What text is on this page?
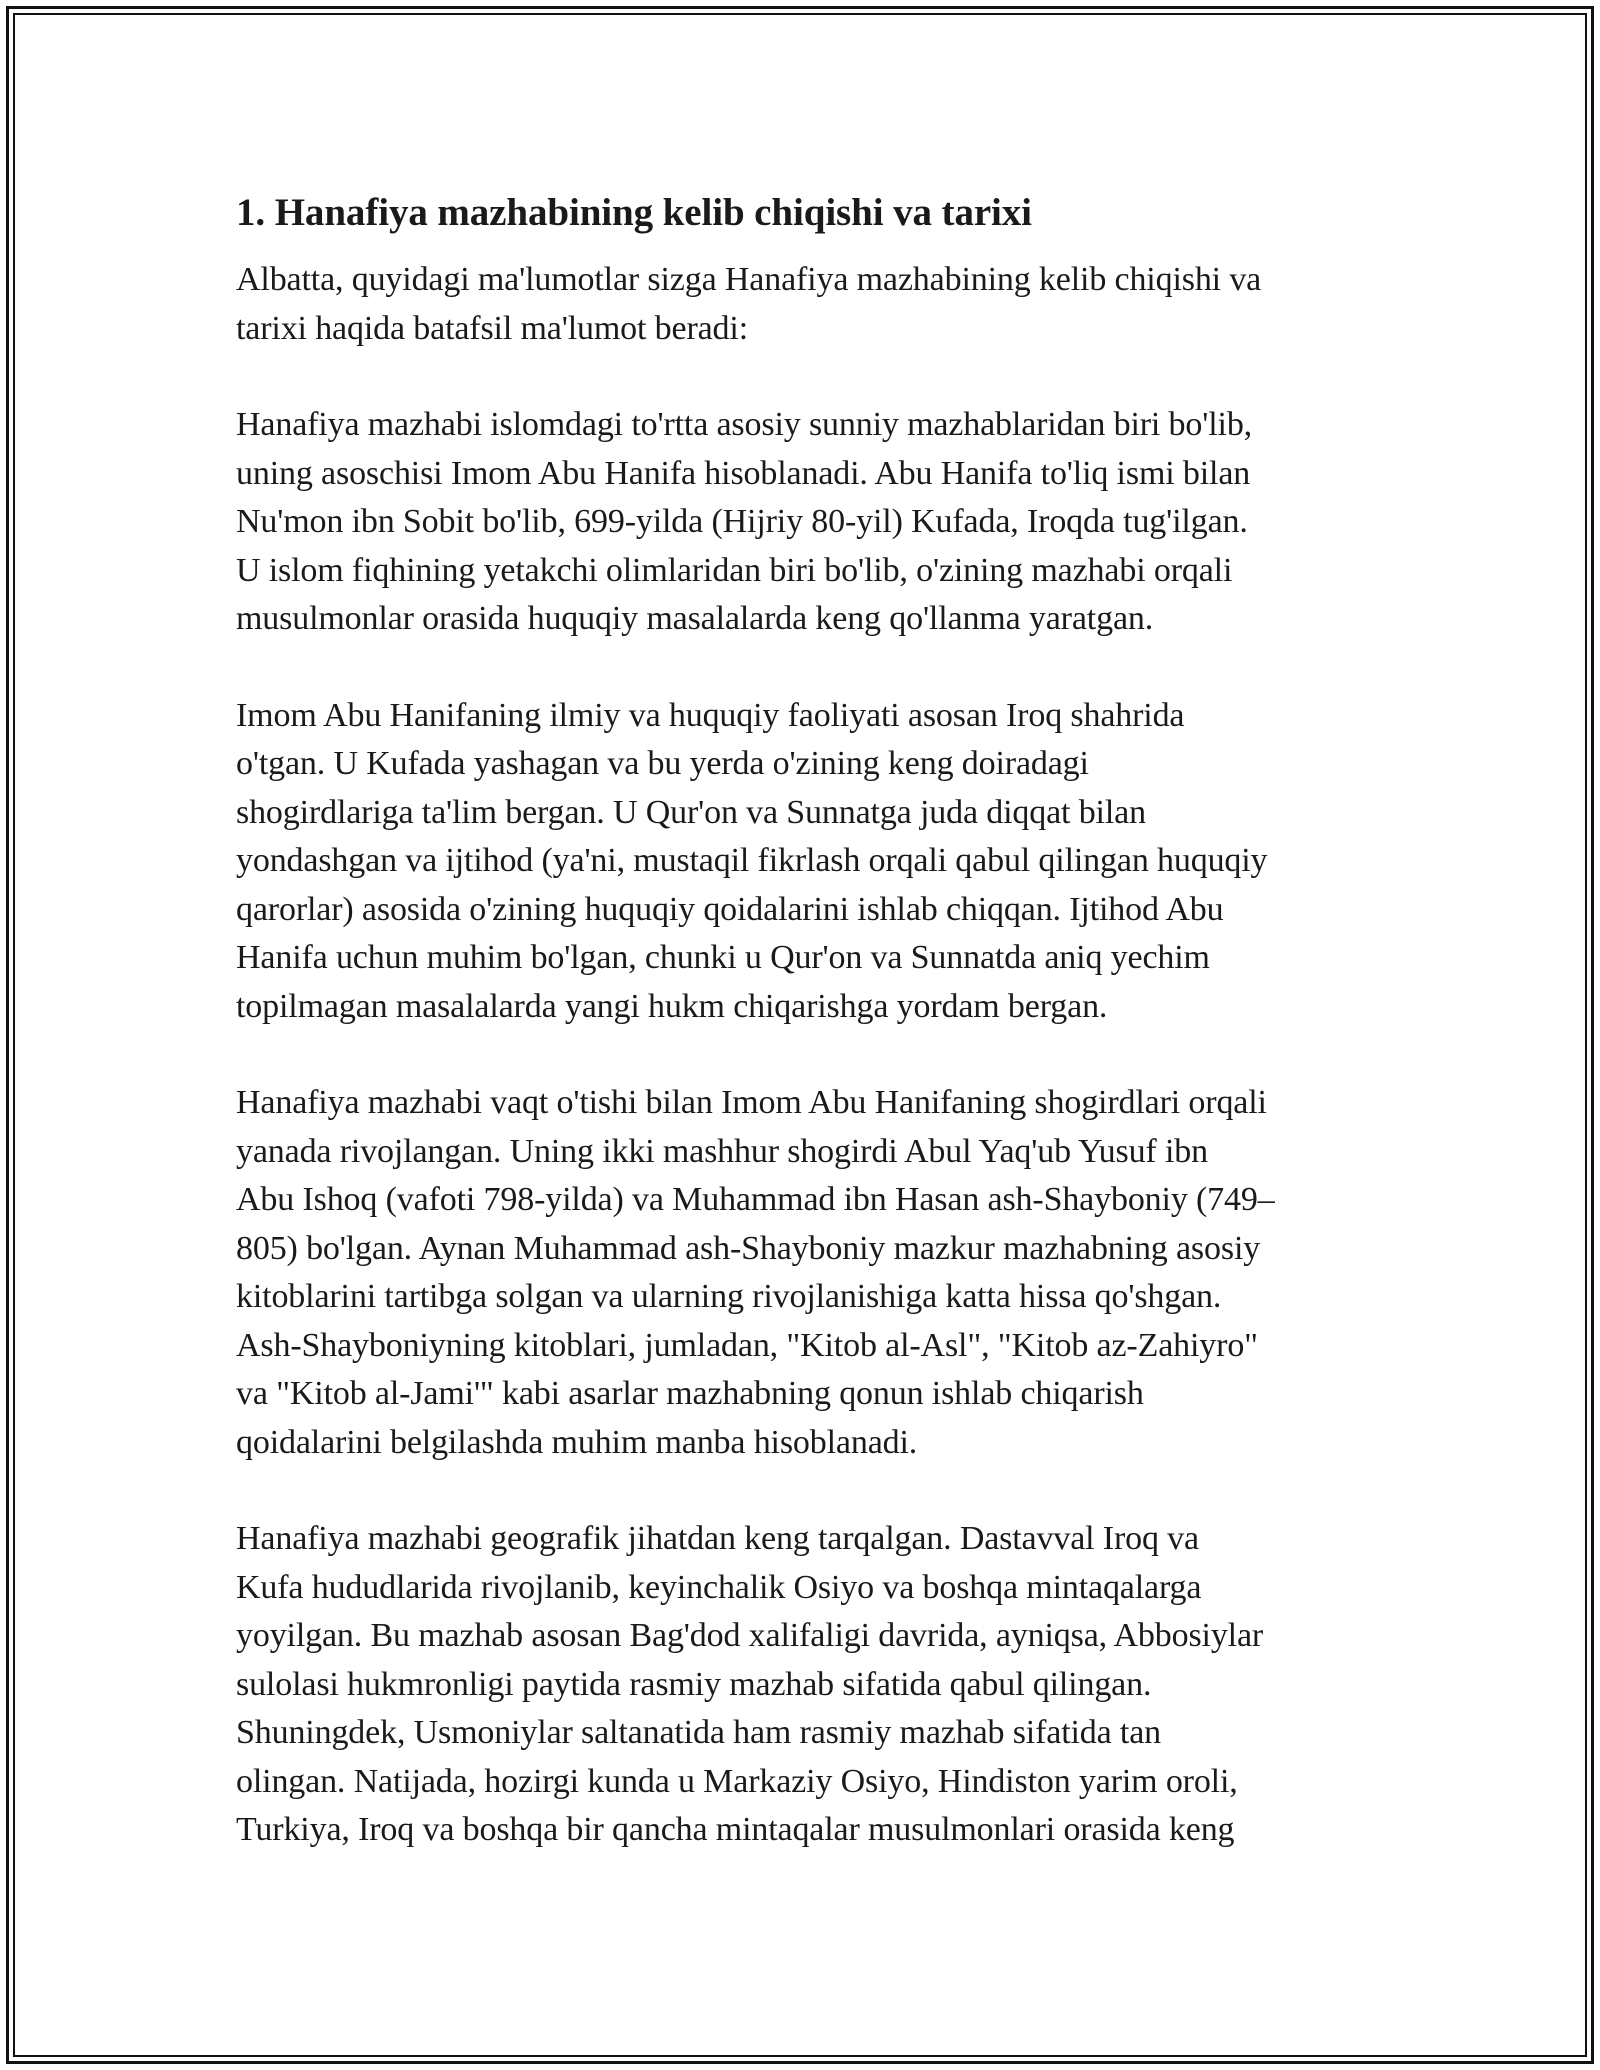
1. Hanafiya mazhabining kelib chiqishi va tarixi

Albatta, quyidagi ma'lumotlar sizga Hanafiya mazhabining kelib chiqishi va
tarixi haqida batafsil ma'lumot beradi:

Hanafiya mazhabi islomdagi to'rtta asosiy sunniy mazhablaridan biri bo'lib,
uning asoschisi Imom Abu Hanifa hisoblanadi. Abu Hanifa to'liq ismi bilan
Nu'mon ibn Sobit bo'lib, 699-yilda (Hijriy 80-yil) Kufada, Iroqda tug'ilgan.
U islom fiqhining yetakchi olimlaridan biri bo'lib, o'zining mazhabi orqali
musulmonlar orasida huquqiy masalalarda keng qo'llanma yaratgan.

Imom Abu Hanifaning ilmiy va huquqiy faoliyati asosan Iroq shahrida
o'tgan. U Kufada yashagan va bu yerda o'zining keng doiradagi
shogirdlariga ta'lim bergan. U Qur'on va Sunnatga juda diqqat bilan
yondashgan va ijtihod (ya'ni, mustaqil fikrlash orqali qabul qilingan huquqiy
qarorlar) asosida o'zining huquqiy qoidalarini ishlab chiqqan. Ijtihod Abu
Hanifa uchun muhim bo'lgan, chunki u Qur'on va Sunnatda aniq yechim
topilmagan masalalarda yangi hukm chiqarishga yordam bergan.

Hanafiya mazhabi vaqt o'tishi bilan Imom Abu Hanifaning shogirdlari orqali
yanada rivojlangan. Uning ikki mashhur shogirdi Abul Yaq'ub Yusuf ibn
Abu Ishoq (vafoti 798-yilda) va Muhammad ibn Hasan ash-Shayboniy (749–
805) bo'lgan. Aynan Muhammad ash-Shayboniy mazkur mazhabning asosiy
kitoblarini tartibga solgan va ularning rivojlanishiga katta hissa qo'shgan.
Ash-Shayboniyning kitoblari, jumladan, "Kitob al-Asl", "Kitob az-Zahiyro"
va "Kitob al-Jami'" kabi asarlar mazhabning qonun ishlab chiqarish
qoidalarini belgilashda muhim manba hisoblanadi.

Hanafiya mazhabi geografik jihatdan keng tarqalgan. Dastavval Iroq va
Kufa hududlarida rivojlanib, keyinchalik Osiyo va boshqa mintaqalarga
yoyilgan. Bu mazhab asosan Bag'dod xalifaligi davrida, ayniqsa, Abbosiylar
sulolasi hukmronligi paytida rasmiy mazhab sifatida qabul qilingan.
Shuningdek, Usmoniylar saltanatida ham rasmiy mazhab sifatida tan
olingan. Natijada, hozirgi kunda u Markaziy Osiyo, Hindiston yarim oroli,
Turkiya, Iroq va boshqa bir qancha mintaqalar musulmonlari orasida keng
